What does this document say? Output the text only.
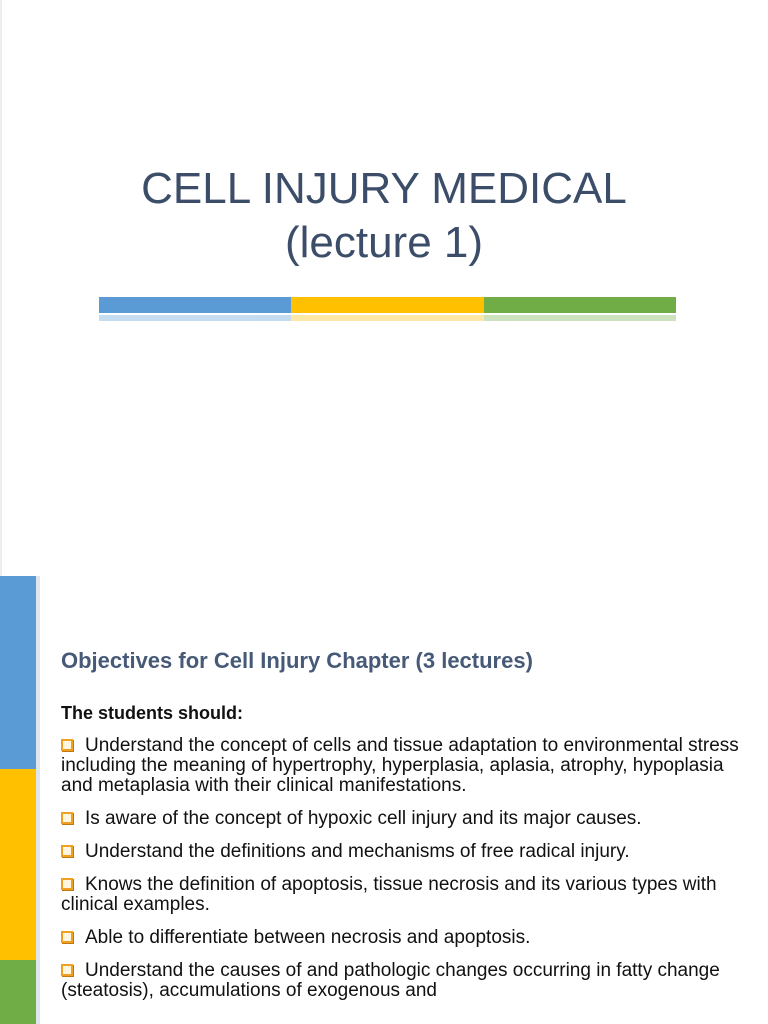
CELL INJURY MEDICAL
(lecture 1)
Objectives for Cell Injury Chapter (3 lectures)
The students should:
Understand the concept of cells and tissue adaptation to environmental stress including the meaning of hypertrophy, hyperplasia, aplasia, atrophy, hypoplasia and metaplasia with their clinical manifestations.
Is aware of the concept of hypoxic cell injury and its major causes.
Understand the definitions and mechanisms of free radical injury.
Knows the definition of apoptosis, tissue necrosis and its various types with clinical examples.
Able to differentiate between necrosis and apoptosis.
Understand the causes of and pathologic changes occurring in fatty change (steatosis), accumulations of exogenous and
